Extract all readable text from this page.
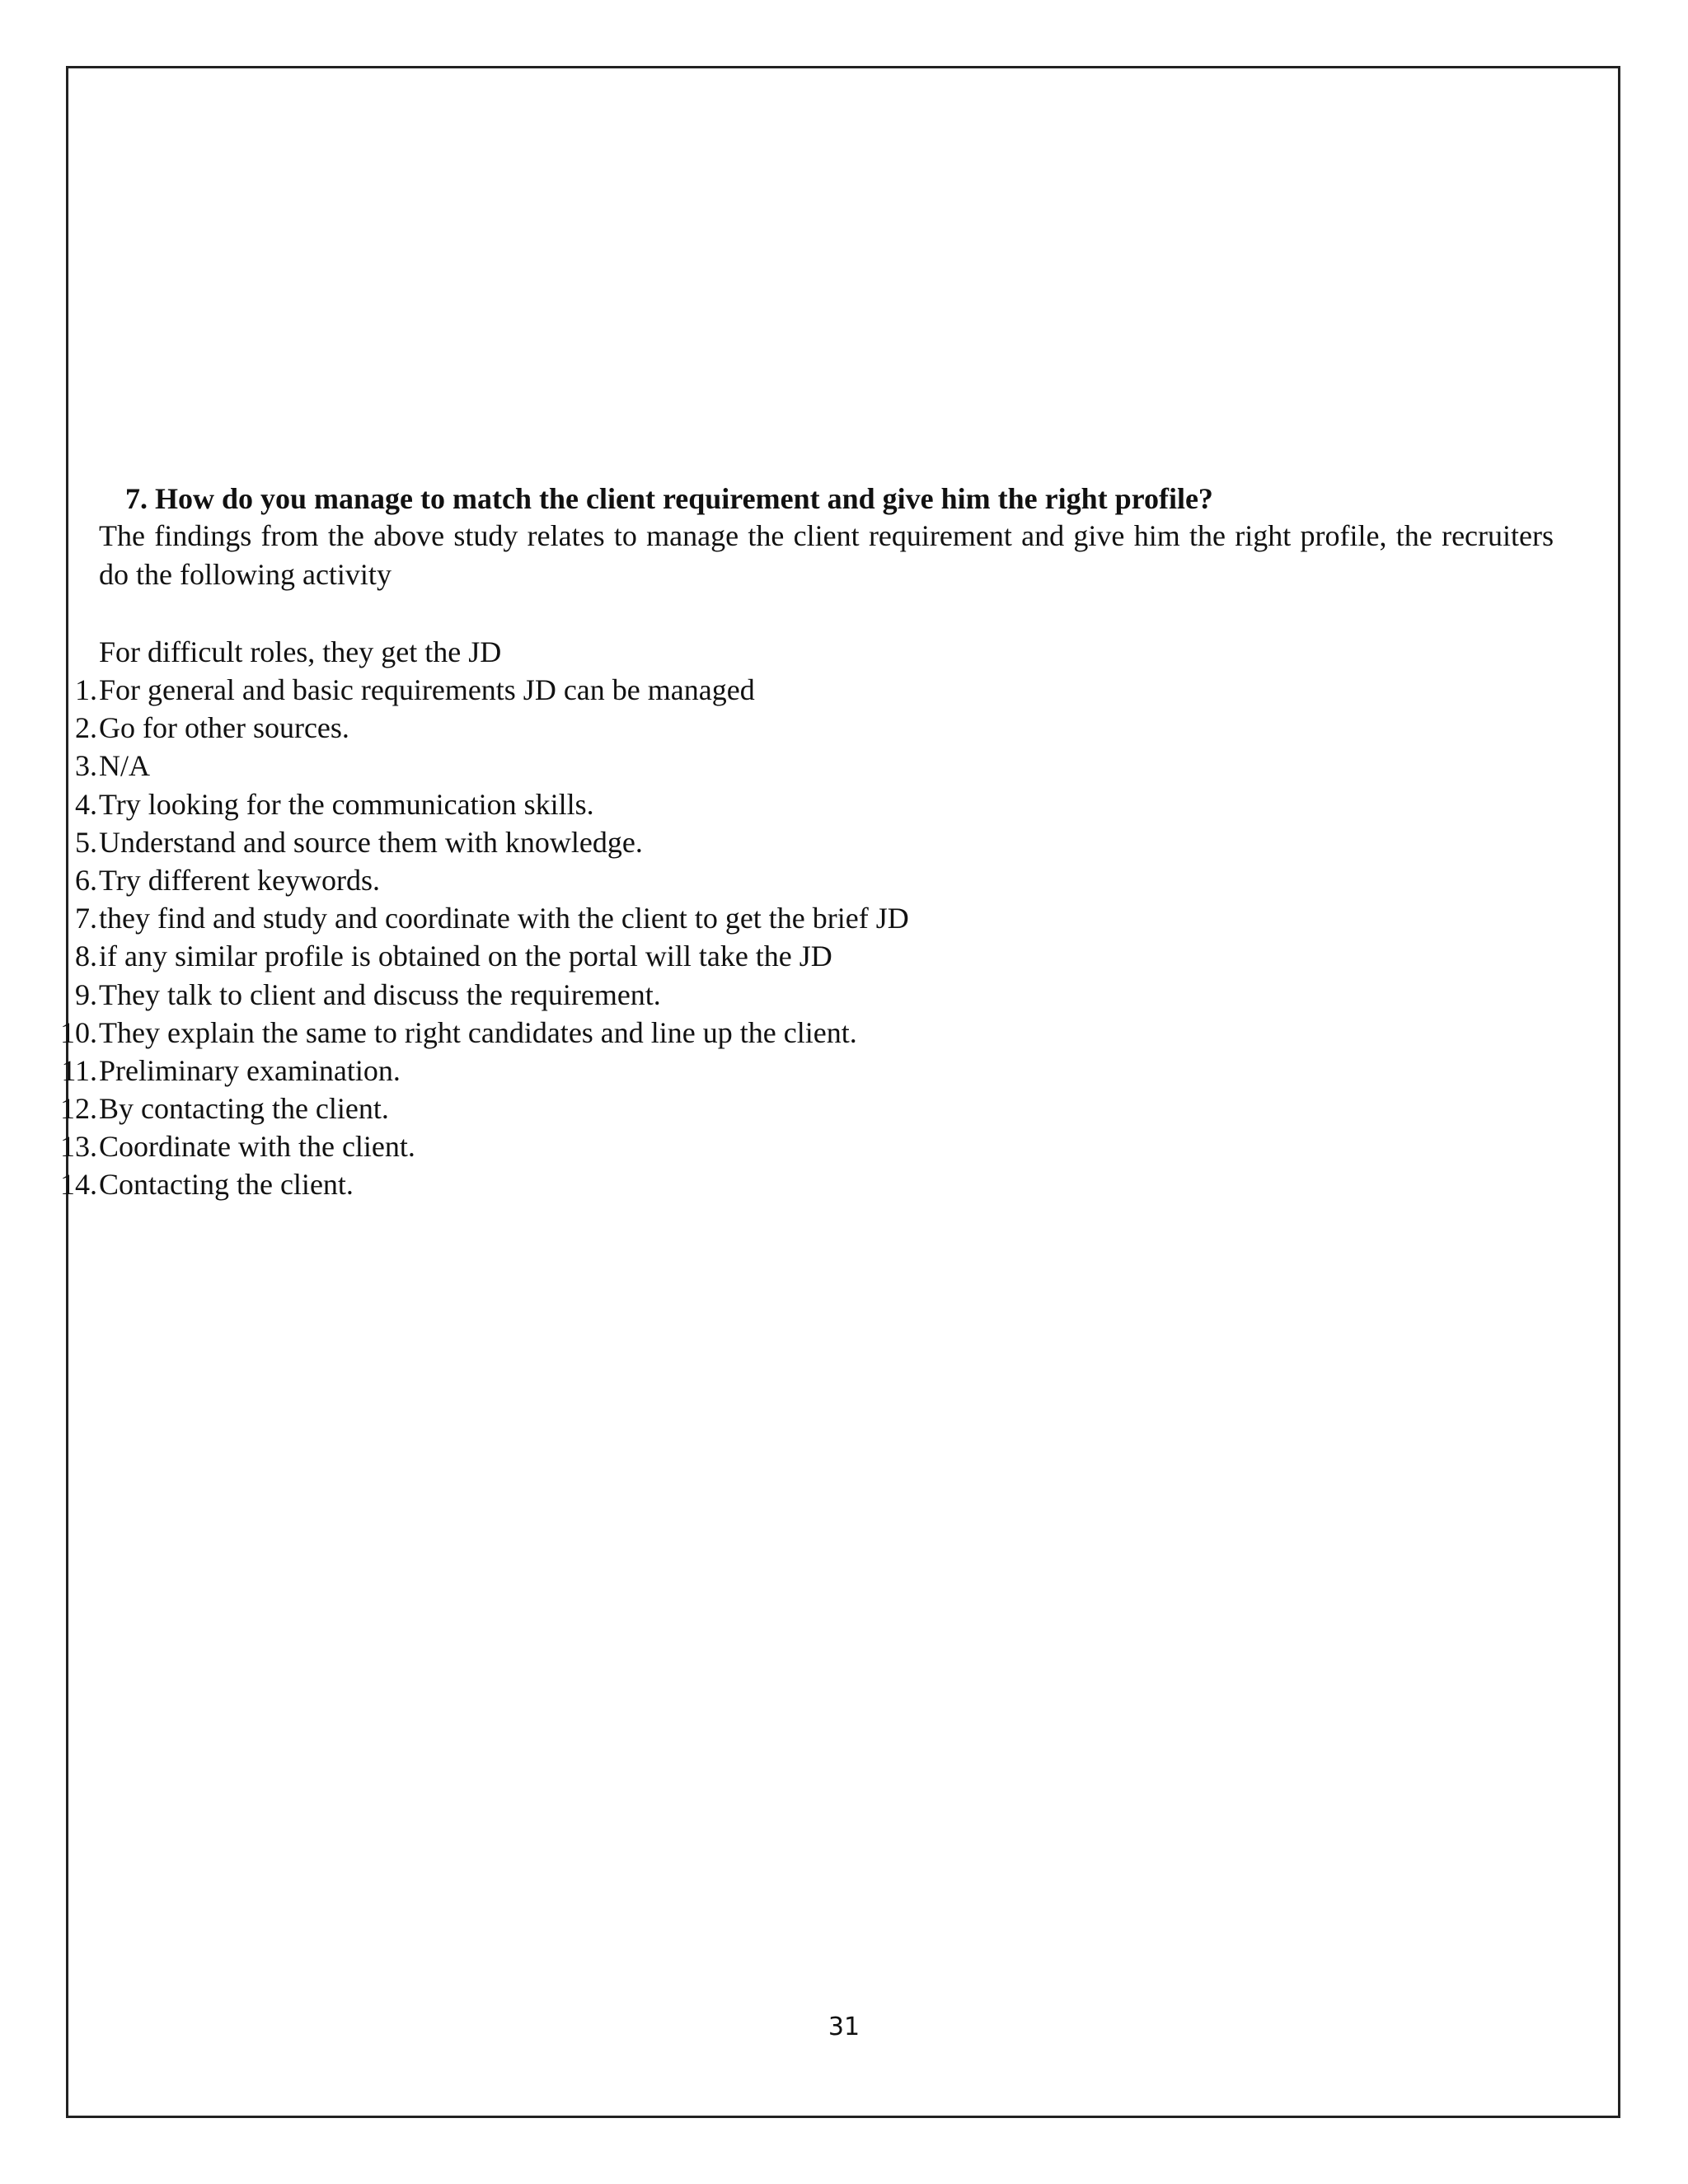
7. How do you manage to match the client requirement and give him the right profile?
The findings from the above study relates to manage the client requirement and give him the right profile, the recruiters do the following activity
For difficult roles, they get the JD
1. For general and basic requirements JD can be managed
2. Go for other sources.
3. N/A
4. Try looking for the communication skills.
5. Understand and source them with knowledge.
6. Try different keywords.
7. they find and study and coordinate with the client to get the brief JD
8. if any similar profile is obtained on the portal will take the JD
9. They talk to client and discuss the requirement.
10. They explain the same to right candidates and line up the client.
11. Preliminary examination.
12. By contacting the client.
13. Coordinate with the client.
14. Contacting the client.
31
